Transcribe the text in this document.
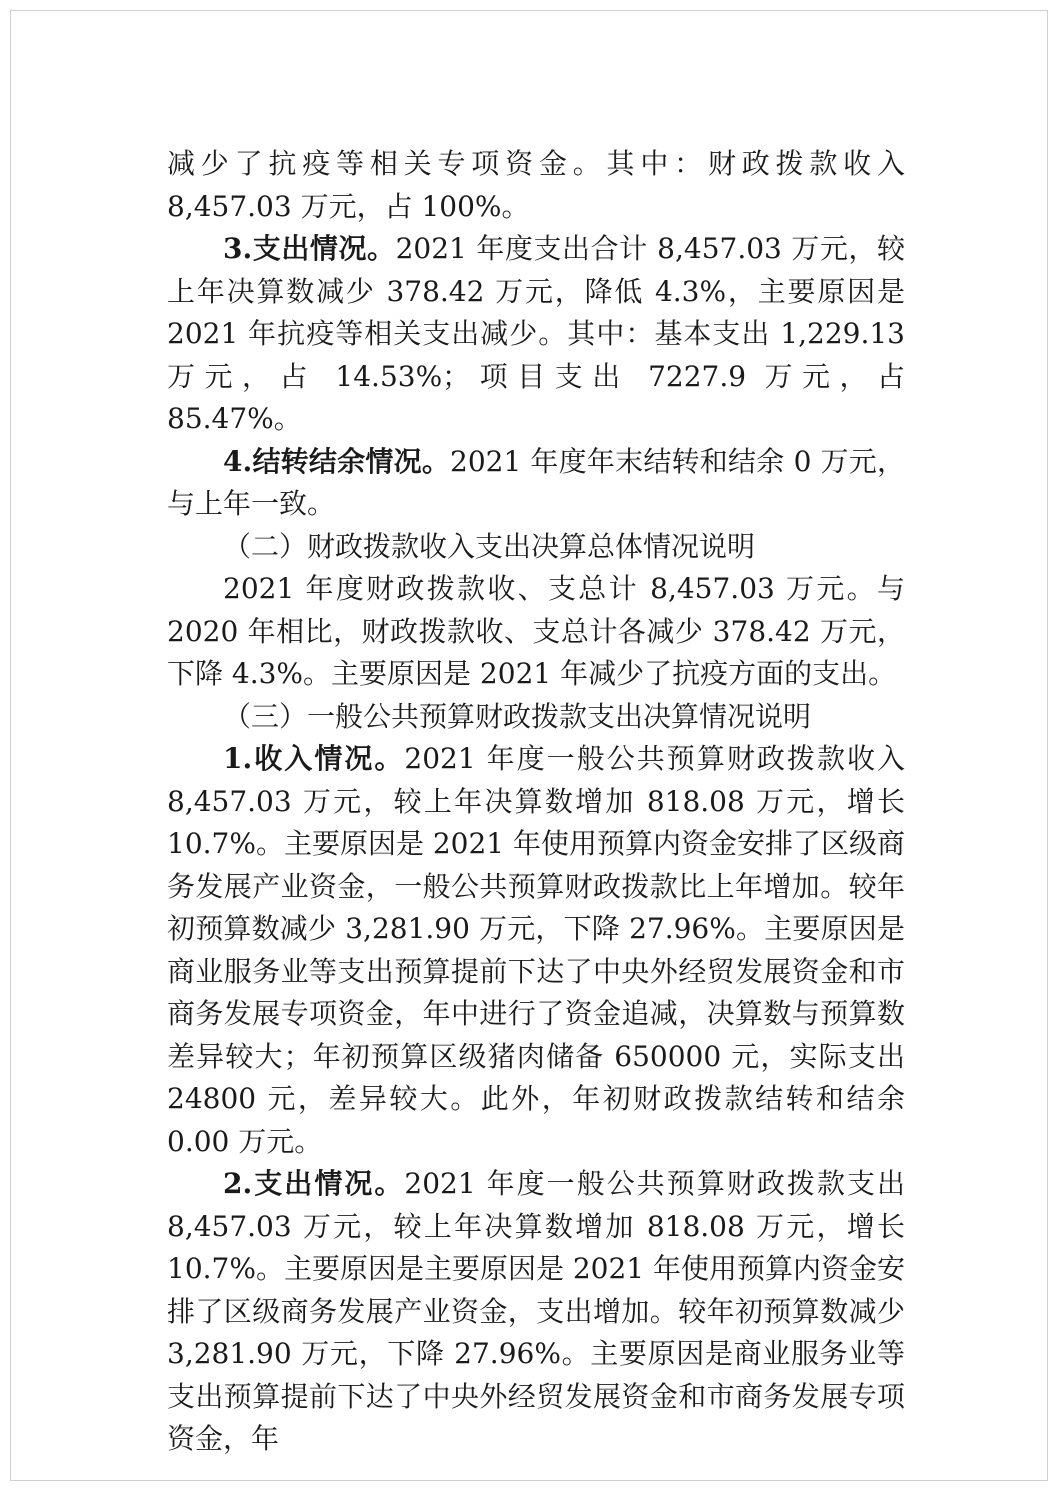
减少了抗疫等相关专项资金。其中：财政拨款收入 8,457.03 万元，占 100%。

3.支出情况。2021 年度支出合计 8,457.03 万元，较上年决算数减少 378.42 万元，降低 4.3%，主要原因是 2021 年抗疫等相关支出减少。其中：基本支出 1,229.13 万元，占 14.53%；项目支出 7227.9 万元，占 85.47%。

4.结转结余情况。2021 年度年末结转和结余 0 万元，与上年一致。

（二）财政拨款收入支出决算总体情况说明

2021 年度财政拨款收、支总计 8,457.03 万元。与 2020 年相比，财政拨款收、支总计各减少 378.42 万元，下降 4.3%。主要原因是 2021 年减少了抗疫方面的支出。

（三）一般公共预算财政拨款支出决算情况说明

1.收入情况。2021 年度一般公共预算财政拨款收入 8,457.03 万元，较上年决算数增加 818.08 万元，增长 10.7%。主要原因是 2021 年使用预算内资金安排了区级商务发展产业资金，一般公共预算财政拨款比上年增加。较年初预算数减少 3,281.90 万元，下降 27.96%。主要原因是商业服务业等支出预算提前下达了中央外经贸发展资金和市商务发展专项资金，年中进行了资金追减，决算数与预算数差异较大；年初预算区级猪肉储备 650000 元，实际支出 24800 元，差异较大。此外，年初财政拨款结转和结余 0.00 万元。

2.支出情况。2021 年度一般公共预算财政拨款支出 8,457.03 万元，较上年决算数增加 818.08 万元，增长 10.7%。主要原因是主要原因是 2021 年使用预算内资金安排了区级商务发展产业资金，支出增加。较年初预算数减少 3,281.90 万元，下降 27.96%。主要原因是商业服务业等支出预算提前下达了中央外经贸发展资金和市商务发展专项资金，年
